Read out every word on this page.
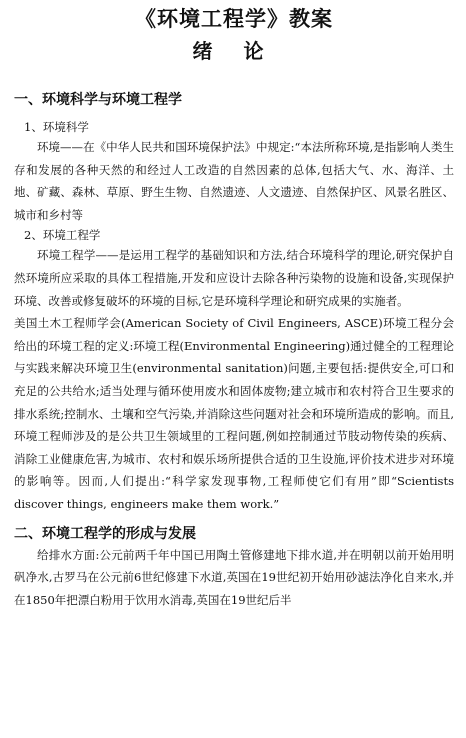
《环境工程学》教案
绪 论
一、环境科学与环境工程学
1、环境科学

环境——在《中华人民共和国环境保护法》中规定:“本法所称环境,是指影响人类生存和发展的各种天然的和经过人工改造的自然因素的总体,包括大气、水、海洋、土地、矿藏、森林、草原、野生生物、自然遗迹、人文遗迹、自然保护区、风景名胜区、城市和乡村等

2、环境工程学

环境工程学——是运用工程学的基础知识和方法,结合环境科学的理论,研究保护自然环境所应采取的具体工程措施,开发和应设计去除各种污染物的设施和设备,实现保护环境、改善或修复破坏的环境的目标,它是环境科学理论和研究成果的实施者。

美国土木工程师学会(American Society of Civil Engineers, ASCE)环境工程分会给出的环境工程的定义:环境工程(Environmental Engineering)通过健全的工程理论与实践来解决环境卫生(environmental sanitation)问题,主要包括:提供安全,可口和充足的公共给水;适当处理与循环使用废水和固体废物;建立城市和农村符合卫生要求的排水系统;控制水、土壤和空气污染,并消除这些问题对社会和环境所造成的影响。而且,环境工程师涉及的是公共卫生领域里的工程问题,例如控制通过节肢动物传染的疾病、消除工业健康危害,为城市、农村和娱乐场所提供合适的卫生设施,评价技术进步对环境的影响等。因而,人们提出:“科学家发现事物,工程师使它们有用”即“Scientists discover things, engineers make them work.”

二、环境工程学的形成与发展

给排水方面:公元前两千年中国已用陶土管修建地下排水道,并在明朝以前开始用明矾净水,古罗马在公元前6世纪修建下水道,英国在19世纪初开始用砂滤法净化自来水,并在1850年把漂白粉用于饮用水消毒,英国在19世纪后半
